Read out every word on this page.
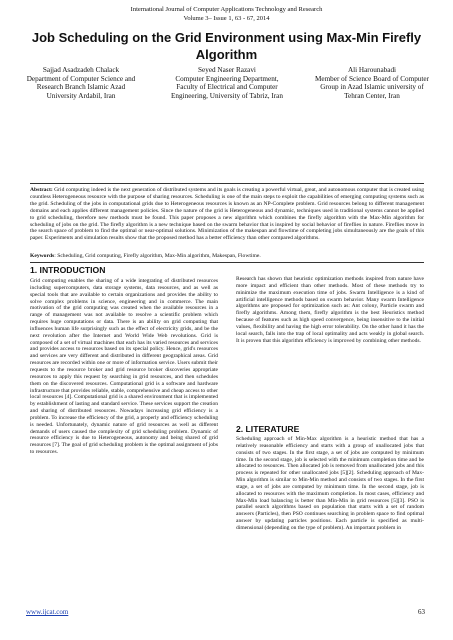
International Journal of Computer Applications Technology and Research
Volume 3– Issue 1, 63 - 67, 2014
Job Scheduling on the Grid Environment using Max-Min Firefly Algorithm
Sajjad Asadzadeh Chalack
Department of Computer Science and Research Branch Islamic Azad University Ardabil, Iran
Seyed Naser Razavi
Computer Engineering Department, Faculty of Electrical and Computer Engineering, University of Tabriz, Iran
Ali Harounabadi
Member of Science Board of Computer Group in Azad Islamic university of Tehran Center, Iran
Abstract: Grid computing indeed is the next generation of distributed systems and its goals is creating a powerful virtual, great, and autonomous computer that is created using countless Heterogeneous resource with the purpose of sharing resources. Scheduling is one of the main steps to exploit the capabilities of emerging computing systems such as the grid. Scheduling of the jobs in computational grids due to Heterogeneous resources is known as an NP-Complete problem. Grid resources belong to different management domains and each applies different management policies. Since the nature of the grid is Heterogeneous and dynamic, techniques used in traditional systems cannot be applied to grid scheduling, therefore new methods must be found. This paper proposes a new algorithm which combines the firefly algorithm with the Max-Min algorithm for scheduling of jobs on the grid. The firefly algorithm is a new technique based on the swarm behavior that is inspired by social behavior of fireflies in nature. Fireflies move in the search space of problem to find the optimal or near-optimal solutions. Minimization of the makespan and flowtime of completing jobs simultaneously are the goals of this paper. Experiments and simulation results show that the proposed method has a better efficiency than other compared algorithms.
Keywords: Scheduling, Grid computing, Firefly algorithm, Max-Min algorithm, Makespan, Flowtime.
1. INTRODUCTION
Grid computing enables the sharing of a wide integrating of distributed resources including supercomputers, data storage systems, data resources, and as well as special tools that are available to certain organizations and provides the ability to solve complex problems in science, engineering and in commerce. The main motivation of the grid computing was created when the available resources in a range of management was not available to resolve a scientific problem which requires huge computations or data. There is an ability on grid computing that influences human life surprisingly such as the effect of electricity grids, and be the next revolution after the Internet and World Wide Web revolutions. Grid is composed of a set of virtual machines that each has its varied resources and services and provides access to resources based on its special policy. Hence, grid's resources and services are very different and distributed in different geographical areas. Grid resources are recorded within one or more of information service. Users submit their requests to the resource broker and grid resource broker discoveries appropriate resources to apply this request by searching in grid resources, and then schedules them on the discovered resources. Computational grid is a software and hardware infrastructure that provides reliable, stable, comprehensive and cheap access to other local resources [4]. Computational grid is a shared environment that is implemented by establishment of lasting and standard service. These services support the creation and sharing of distributed resources. Nowadays increasing grid efficiency is a problem. To increase the efficiency of the grid, a properly and efficiency scheduling is needed. Unfortunately, dynamic nature of grid resources as well as different demands of users caused the complexity of grid scheduling problem. Dynamic of resource efficiency is due to Heterogeneous, autonomy and being shared of grid resources [7]. The goal of grid scheduling problem is the optimal assignment of jobs to resources.
Research has shown that heuristic optimization methods inspired from nature have more impact and efficient than other methods. Most of these methods try to minimize the maximum execution time of jobs. Swarm Intelligence is a kind of artificial intelligence methods based on swarm behavior. Many swarm Intelligence algorithms are proposed for optimization such as: Ant colony, Particle swarm and firefly algorithms. Among them, firefly algorithm is the best Heuristics method because of features such as high speed convergence, being insensitive to the initial values, flexibility and having the high error tolerability. On the other hand it has the local search, falls into the trap of local optimality and acts weakly in global search. It is proven that this algorithm efficiency is improved by combining other methods.
2. LITERATURE
Scheduling approach of Min-Max algorithm is a heuristic method that has a relatively reasonable efficiency and starts with a group of unallocated jobs that consists of two stages. In the first stage, a set of jobs are computed by minimum time. In the second stage, job is selected with the minimum completion time and be allocated to resources. Then allocated job is removed from unallocated jobs and this process is repeated for other unallocated jobs [5][2]. Scheduling approach of Max-Min algorithm is similar to Min-Min method and consists of two stages. In the first stage, a set of jobs are computed by minimum time. In the second stage, job is allocated to resources with the maximum completion. In most cases, efficiency and Max-Min load balancing is better than Min-Min in grid resources [5][3]. PSO is parallel search algorithms based on population that starts with a set of random answers (Particles), then PSO continues searching in problem space to find optimal answer by updating particles positions. Each particle is specified as multi-dimensional (depending on the type of problem). An important problem in
www.ijcat.com	63
